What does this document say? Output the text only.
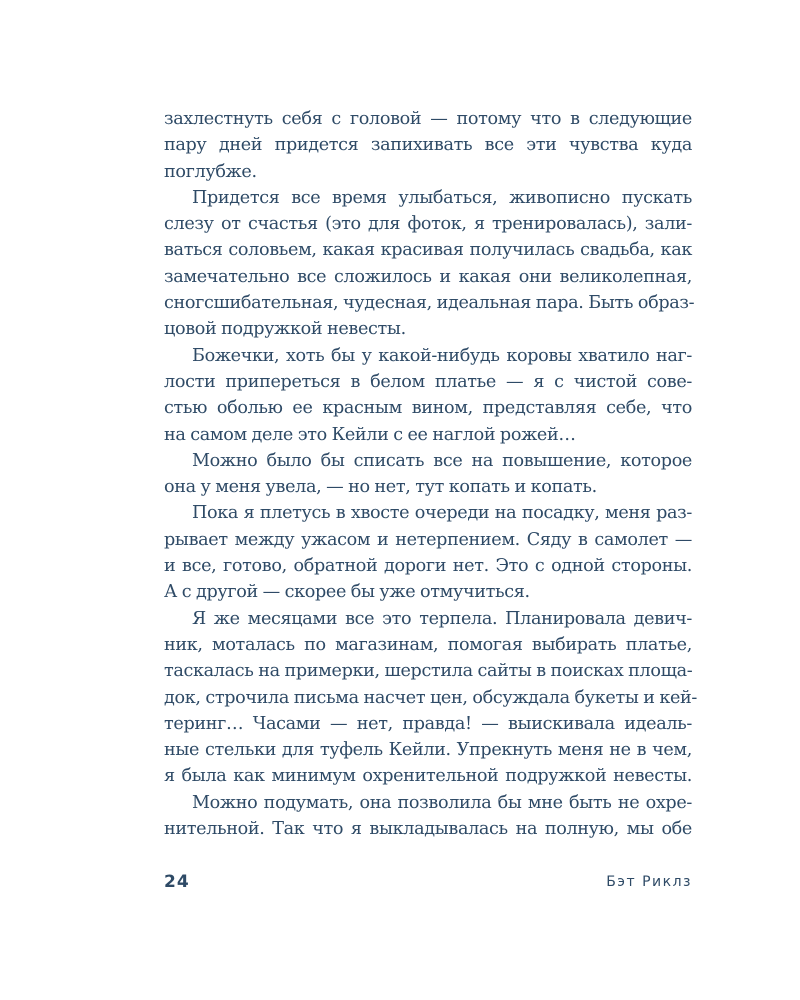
захлестнуть себя с головой — потому что в следующие
пару дней придется запихивать все эти чувства куда
поглубже.
Придется все время улыбаться, живописно пускать
слезу от счастья (это для фоток, я тренировалась), зали-
ваться соловьем, какая красивая получилась свадьба, как
замечательно все сложилось и какая они великолепная,
сногсшибательная, чудесная, идеальная пара. Быть образ-
цовой подружкой невесты.
Божечки, хоть бы у какой-нибудь коровы хватило наг-
лости припереться в белом платье — я с чистой сове-
стью оболью ее красным вином, представляя себе, что
на самом деле это Кейли с ее наглой рожей…
Можно было бы списать все на повышение, которое
она у меня увела, — но нет, тут копать и копать.
Пока я плетусь в хвосте очереди на посадку, меня раз-
рывает между ужасом и нетерпением. Сяду в самолет —
и все, готово, обратной дороги нет. Это с одной стороны.
А с другой — скорее бы уже отмучиться.
Я же месяцами все это терпела. Планировала девич-
ник, моталась по магазинам, помогая выбирать платье,
таскалась на примерки, шерстила сайты в поисках площа-
док, строчила письма насчет цен, обсуждала букеты и кей-
теринг… Часами — нет, правда! — выискивала идеаль-
ные стельки для туфель Кейли. Упрекнуть меня не в чем,
я была как минимум охренительной подружкой невесты.
Можно подумать, она позволила бы мне быть не охре-
нительной. Так что я выкладывалась на полную, мы обе
24	Бэт Риклз
